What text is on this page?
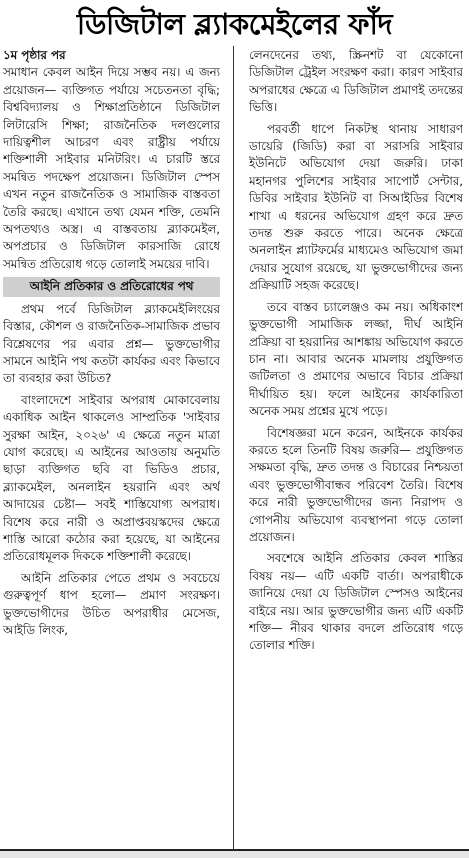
ডিজিটাল ব্ল্যাকমেইলের ফাঁদ

১ম পৃষ্ঠার পর
সমাধান কেবল আইন দিয়ে সম্ভব নয়। এ জন্য প্রয়োজন— ব্যক্তিগত পর্যায়ে সচেতনতা বৃদ্ধি; বিশ্ববিদ্যালয় ও শিক্ষাপ্রতিষ্ঠানে ডিজিটাল লিটারেসি শিক্ষা; রাজনৈতিক দলগুলোর দায়িত্বশীল আচরণ এবং রাষ্ট্রীয় পর্যায়ে শক্তিশালী সাইবার মনিটরিং। এ চারটি স্তরে সমন্বিত পদক্ষেপ প্রয়োজন। ডিজিটাল স্পেস এখন নতুন রাজনৈতিক ও সামাজিক বাস্তবতা তৈরি করছে। এখানে তথ্য যেমন শক্তি, তেমনি অপতথ্যও অস্ত্র। এ বাস্তবতায় ব্ল্যাকমেইল, অপপ্রচার ও ডিজিটাল কারসাজি রোধে সমন্বিত প্রতিরোধ গড়ে তোলাই সময়ের দাবি।

আইনি প্রতিকার ও প্রতিরোধের পথ

প্রথম পর্বে ডিজিটাল ব্ল্যাকমেইলিংয়ের বিস্তার, কৌশল ও রাজনৈতিক-সামাজিক প্রভাব বিশ্লেষণের পর এবার প্রশ্ন— ভুক্তভোগীর সামনে আইনি পথ কতটা কার্যকর এবং কিভাবে তা ব্যবহার করা উচিত?

বাংলাদেশে সাইবার অপরাধ মোকাবেলায় একাধিক আইন থাকলেও সাম্প্রতিক 'সাইবার সুরক্ষা আইন, ২০২৬' এ ক্ষেত্রে নতুন মাত্রা যোগ করেছে। এ আইনের আওতায় অনুমতি ছাড়া ব্যক্তিগত ছবি বা ভিডিও প্রচার, ব্ল্যাকমেইল, অনলাইন হয়রানি এবং অর্থ আদায়ের চেষ্টা— সবই শাস্তিযোগ্য অপরাধ। বিশেষ করে নারী ও অপ্রাপ্তবয়স্কদের ক্ষেত্রে শাস্তি আরো কঠোর করা হয়েছে, যা আইনের প্রতিরোধমূলক দিককে শক্তিশালী করেছে।

আইনি প্রতিকার পেতে প্রথম ও সবচেয়ে গুরুত্বপূর্ণ ধাপ হলো— প্রমাণ সংরক্ষণ। ভুক্তভোগীদের উচিত অপরাধীর মেসেজ, আইডি লিংক,

লেনদেনের তথ্য, স্ক্রিনশট বা যেকোনো ডিজিটাল ট্রেইল সংরক্ষণ করা। কারণ সাইবার অপরাধের ক্ষেত্রে এ ডিজিটাল প্রমাণই তদন্তের ভিত্তি।

পরবর্তী ধাপে নিকটস্থ থানায় সাধারণ ডায়েরি (জিডি) করা বা সরাসরি সাইবার ইউনিটে অভিযোগ দেয়া জরুরি। ঢাকা মহানগর পুলিশের সাইবার সাপোর্ট সেন্টার, ডিবির সাইবার ইউনিট বা সিআইডির বিশেষ শাখা এ ধরনের অভিযোগ গ্রহণ করে দ্রুত তদন্ত শুরু করতে পারে। অনেক ক্ষেত্রে অনলাইন প্ল্যাটফর্মের মাধ্যমেও অভিযোগ জমা দেয়ার সুযোগ রয়েছে, যা ভুক্তভোগীদের জন্য প্রক্রিয়াটি সহজ করেছে।

তবে বাস্তব চ্যালেঞ্জও কম নয়। অধিকাংশ ভুক্তভোগী সামাজিক লজ্জা, দীর্ঘ আইনি প্রক্রিয়া বা হয়রানির আশঙ্কায় অভিযোগ করতে চান না। আবার অনেক মামলায় প্রযুক্তিগত জটিলতা ও প্রমাণের অভাবে বিচার প্রক্রিয়া দীর্ঘায়িত হয়। ফলে আইনের কার্যকারিতা অনেক সময় প্রশ্নের মুখে পড়ে।

বিশেষজ্ঞরা মনে করেন, আইনকে কার্যকর করতে হলে তিনটি বিষয় জরুরি— প্রযুক্তিগত সক্ষমতা বৃদ্ধি, দ্রুত তদন্ত ও বিচারের নিশ্চয়তা এবং ভুক্তভোগীবান্ধব পরিবেশ তৈরি। বিশেষ করে নারী ভুক্তভোগীদের জন্য নিরাপদ ও গোপনীয় অভিযোগ ব্যবস্থাপনা গড়ে তোলা প্রয়োজন।

সবশেষে আইনি প্রতিকার কেবল শাস্তির বিষয় নয়— এটি একটি বার্তা। অপরাধীকে জানিয়ে দেয়া যে ডিজিটাল স্পেসও আইনের বাইরে নয়। আর ভুক্তভোগীর জন্য এটি একটি শক্তি— নীরব থাকার বদলে প্রতিরোধ গড়ে তোলার শক্তি।
